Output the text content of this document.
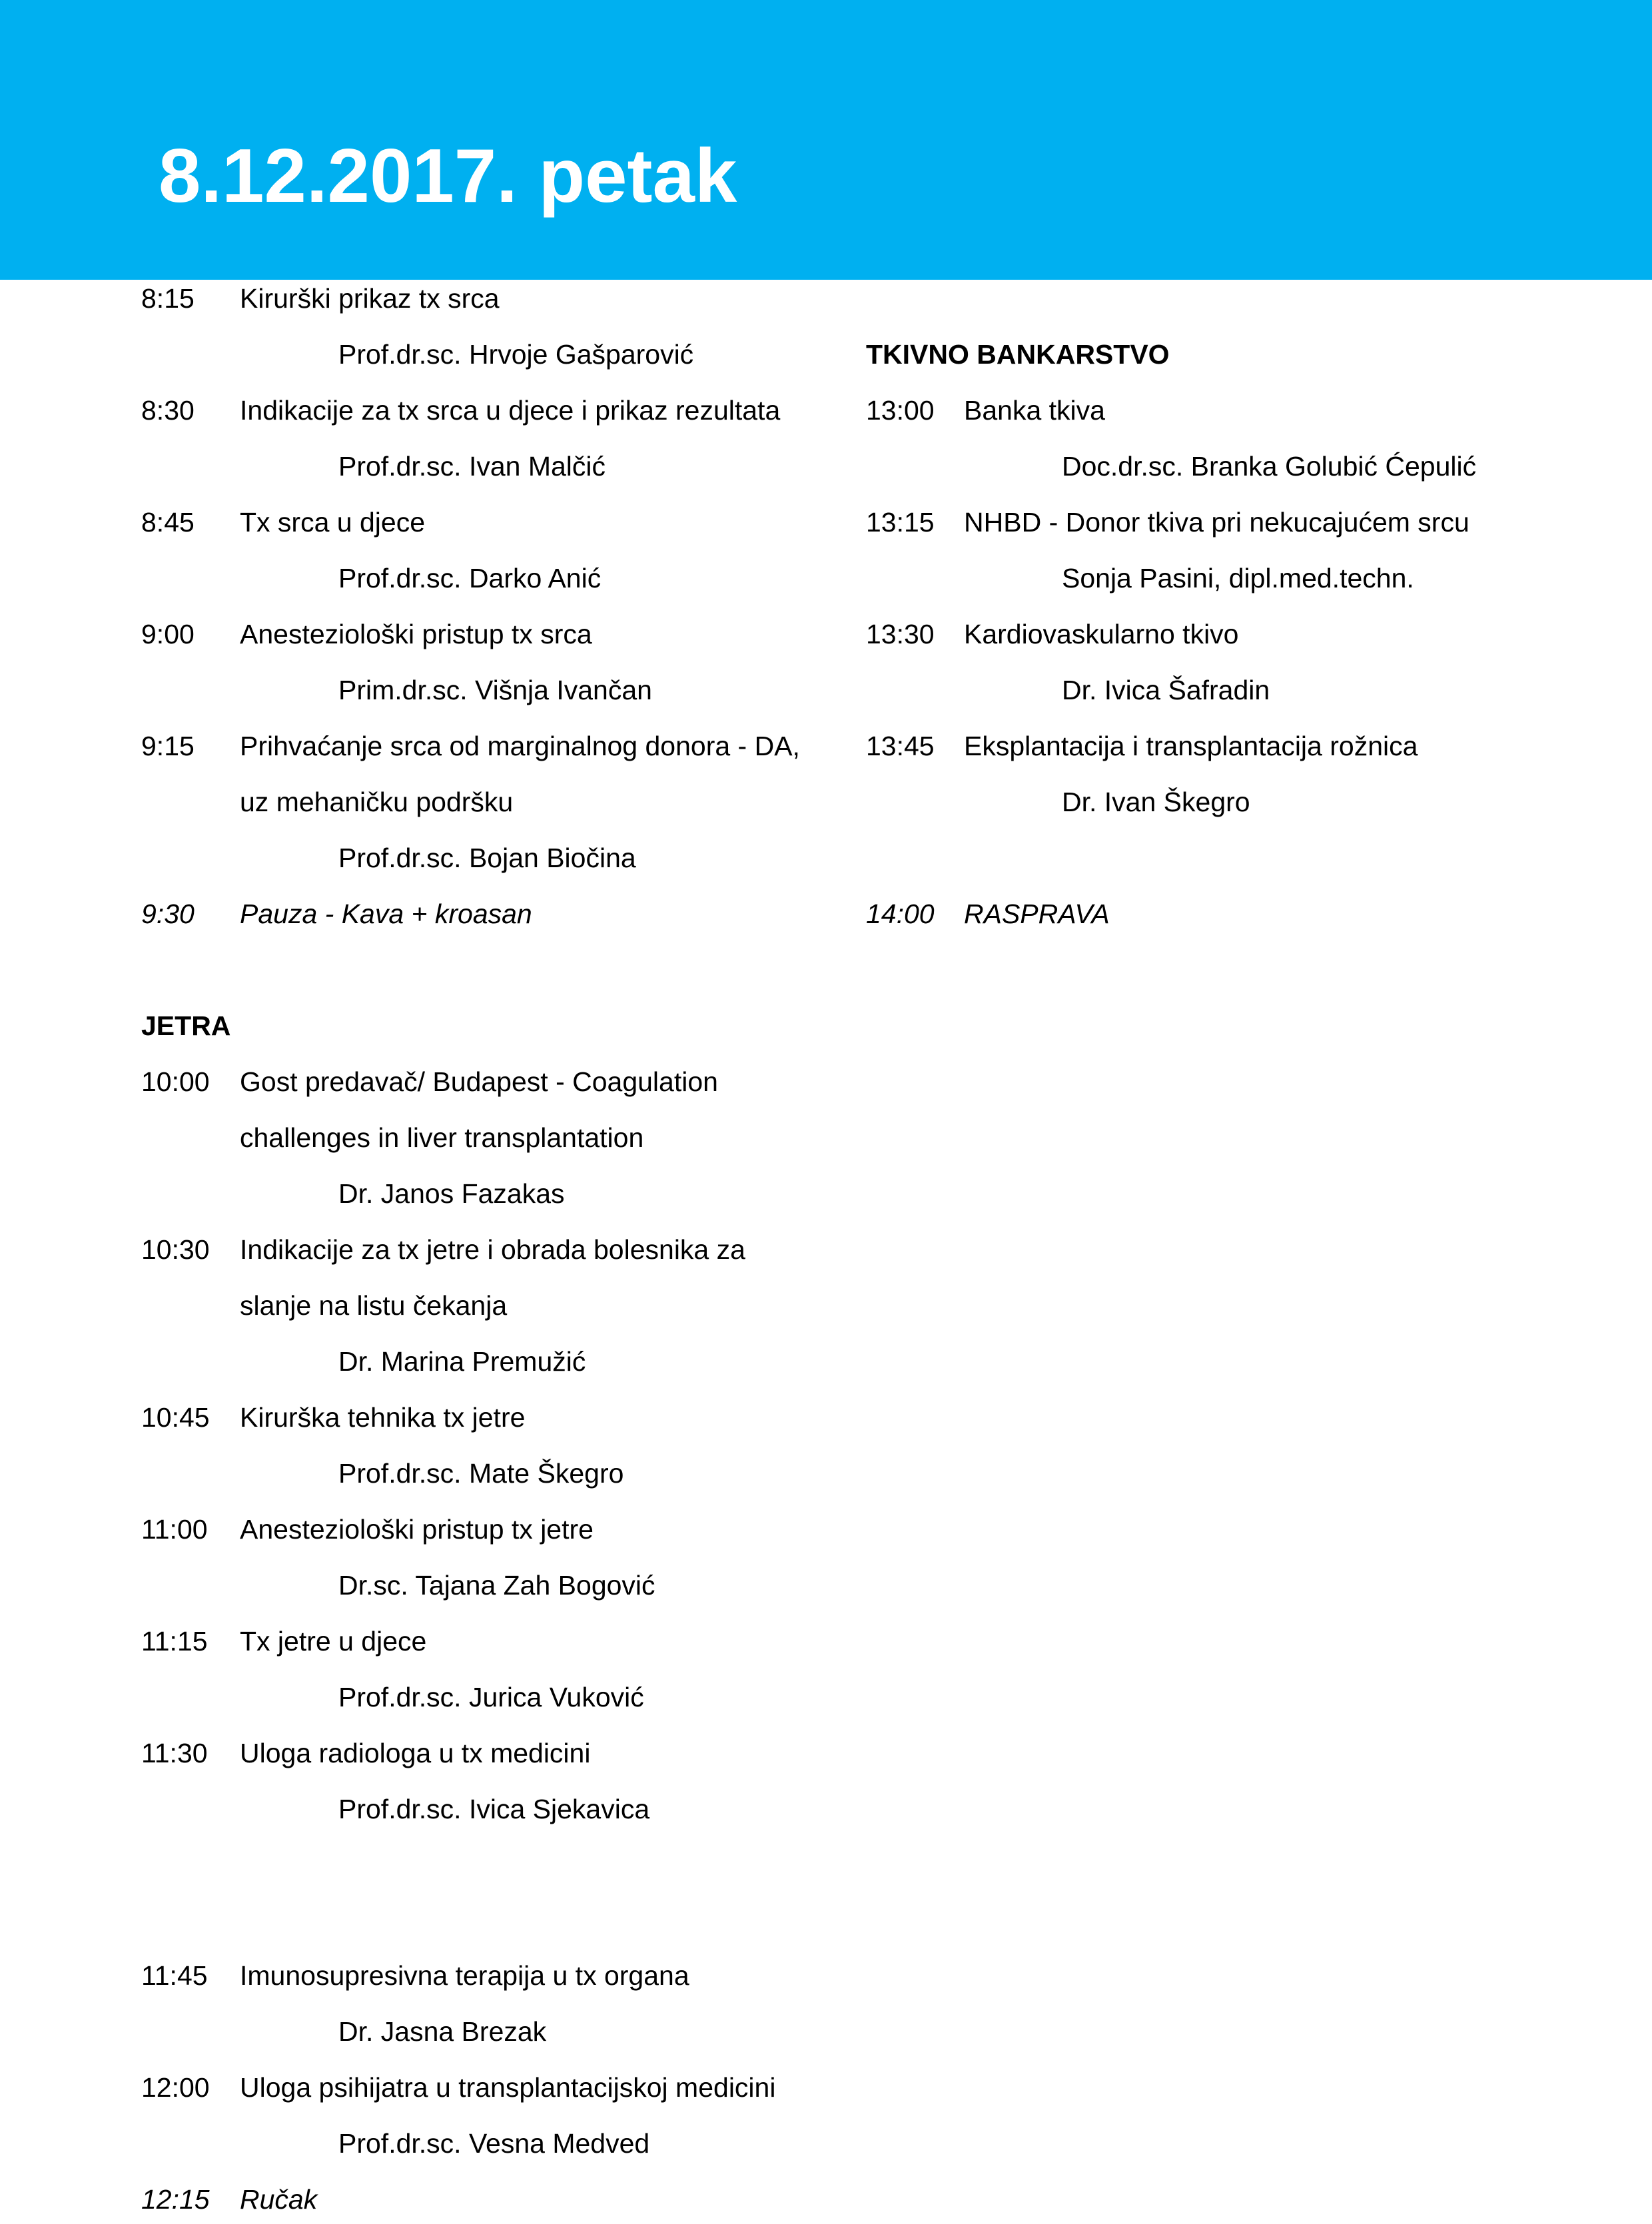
8.12.2017. petak
8:15 Kirurški prikaz tx srca
Prof.dr.sc. Hrvoje Gašparović
8:30 Indikacije za tx srca u djece i prikaz rezultata
Prof.dr.sc. Ivan Malčić
8:45 Tx srca u djece
Prof.dr.sc. Darko Anić
9:00 Anesteziološki pristup tx srca
Prim.dr.sc. Višnja Ivančan
9:15 Prihvaćanje srca od marginalnog donora - DA,
uz mehaničku podršku
Prof.dr.sc. Bojan Biočina
9:30 Pauza - Kava + kroasan
JETRA
10:00 Gost predavač/ Budapest - Coagulation
challenges in liver transplantation
Dr. Janos Fazakas
10:30 Indikacije za tx jetre i obrada bolesnika za
slanje na listu čekanja
Dr. Marina Premužić
10:45 Kirurška tehnika tx jetre
Prof.dr.sc. Mate Škegro
11:00 Anesteziološki pristup tx jetre
Dr.sc. Tajana Zah Bogović
11:15 Tx jetre u djece
Prof.dr.sc. Jurica Vuković
11:30 Uloga radiologa u tx medicini
Prof.dr.sc. Ivica Sjekavica
11:45 Imunosupresivna terapija u tx organa
Dr. Jasna Brezak
12:00 Uloga psihijatra u transplantacijskoj medicini
Prof.dr.sc. Vesna Medved
12:15 Ručak
TKIVNO BANKARSTVO
13:00 Banka tkiva
Doc.dr.sc. Branka Golubić Ćepulić
13:15 NHBD - Donor tkiva pri nekucajućem srcu
Sonja Pasini, dipl.med.techn.
13:30 Kardiovaskularno tkivo
Dr. Ivica Šafradin
13:45 Eksplantacija i transplantacija rožnica
Dr. Ivan Škegro
14:00 RASPRAVA
